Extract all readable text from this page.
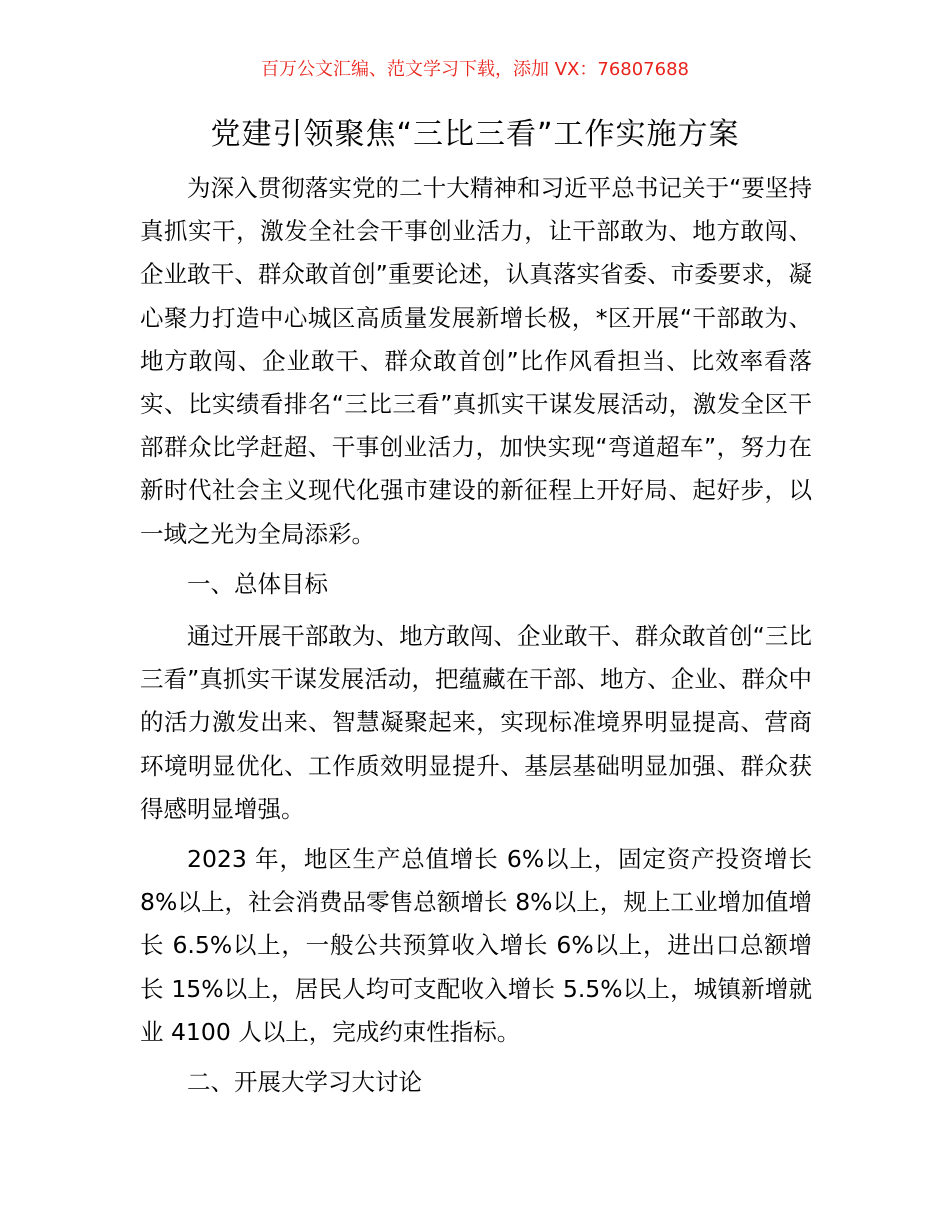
百万公文汇编、范文学习下载，添加 VX：76807688
党建引领聚焦“三比三看”工作实施方案

为深入贯彻落实党的二十大精神和习近平总书记关于“要坚持真抓实干，激发全社会干事创业活力，让干部敢为、地方敢闯、企业敢干、群众敢首创”重要论述，认真落实省委、市委要求，凝心聚力打造中心城区高质量发展新增长极，*区开展“干部敢为、地方敢闯、企业敢干、群众敢首创”比作风看担当、比效率看落实、比实绩看排名“三比三看”真抓实干谋发展活动，激发全区干部群众比学赶超、干事创业活力，加快实现“弯道超车”，努力在新时代社会主义现代化强市建设的新征程上开好局、起好步，以一域之光为全局添彩。

一、总体目标

通过开展干部敢为、地方敢闯、企业敢干、群众敢首创“三比三看”真抓实干谋发展活动，把蕴藏在干部、地方、企业、群众中的活力激发出来、智慧凝聚起来，实现标准境界明显提高、营商环境明显优化、工作质效明显提升、基层基础明显加强、群众获得感明显增强。

2023 年，地区生产总值增长 6%以上，固定资产投资增长 8%以上，社会消费品零售总额增长 8%以上，规上工业增加值增长 6.5%以上，一般公共预算收入增长 6%以上，进出口总额增长 15%以上，居民人均可支配收入增长 5.5%以上，城镇新增就业 4100 人以上，完成约束性指标。

二、开展大学习大讨论
